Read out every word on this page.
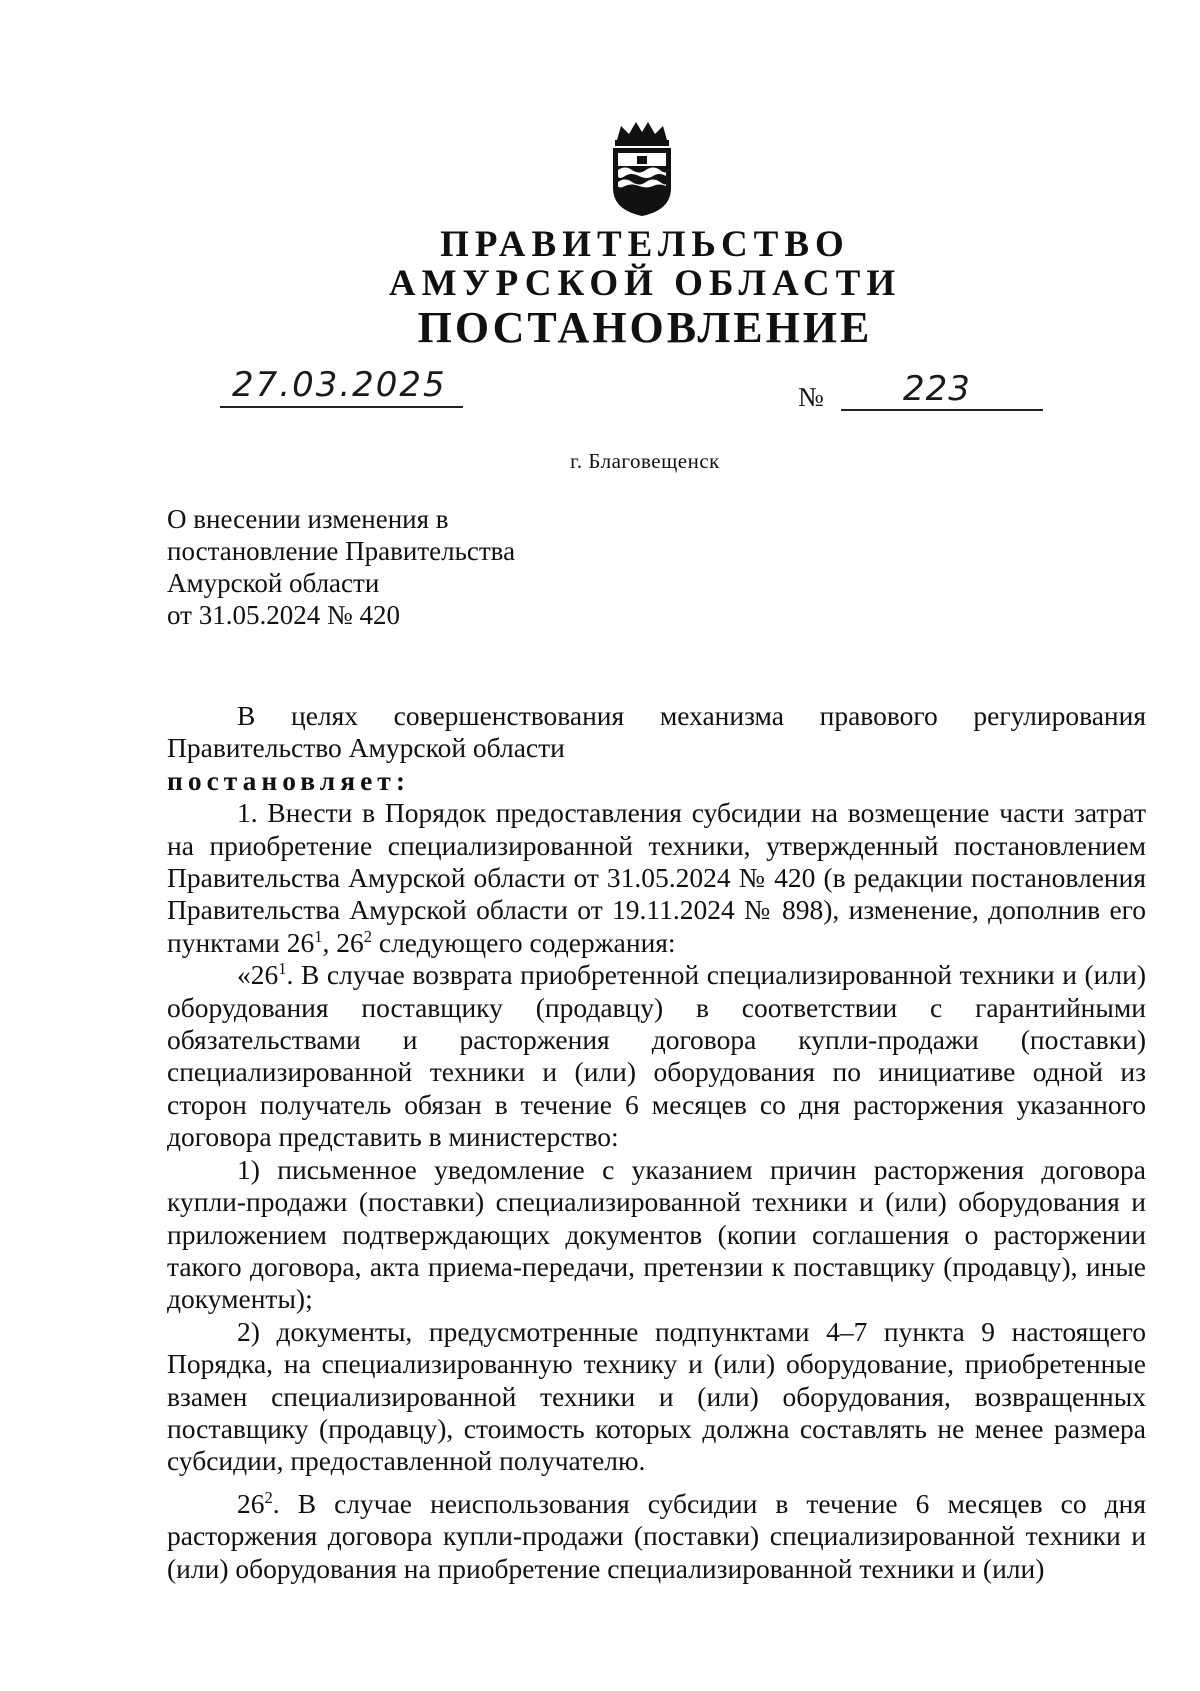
ПРАВИТЕЛЬСТВО
АМУРСКОЙ ОБЛАСТИ
ПОСТАНОВЛЕНИЕ
27.03.2025	№ 223
г. Благовещенск
О внесении изменения в
постановление Правительства
Амурской области
от 31.05.2024 № 420

В целях совершенствования механизма правового регулирования Правительство Амурской области

постановляет:

1. Внести в Порядок предоставления субсидии на возмещение части затрат на приобретение специализированной техники, утвержденный постановлением Правительства Амурской области от 31.05.2024 № 420 (в редакции постановления Правительства Амурской области от 19.11.2024 № 898), изменение, дополнив его пунктами $26^1$, $26^2$ следующего содержания:

«$26^1$. В случае возврата приобретенной специализированной техники и (или) оборудования поставщику (продавцу) в соответствии с гарантийными обязательствами и расторжения договора купли-продажи (поставки) специализированной техники и (или) оборудования по инициативе одной из сторон получатель обязан в течение 6 месяцев со дня расторжения указанного договора представить в министерство:

1) письменное уведомление с указанием причин расторжения договора купли-продажи (поставки) специализированной техники и (или) оборудования и приложением подтверждающих документов (копии соглашения о расторжении такого договора, акта приема-передачи, претензии к поставщику (продавцу), иные документы);

2) документы, предусмотренные подпунктами 4–7 пункта 9 настоящего Порядка, на специализированную технику и (или) оборудование, приобретенные взамен специализированной техники и (или) оборудования, возвращенных поставщику (продавцу), стоимость которых должна составлять не менее размера субсидии, предоставленной получателю.

$26^2$. В случае неиспользования субсидии в течение 6 месяцев со дня расторжения договора купли-продажи (поставки) специализированной техники и (или) оборудования на приобретение специализированной техники и (или)
